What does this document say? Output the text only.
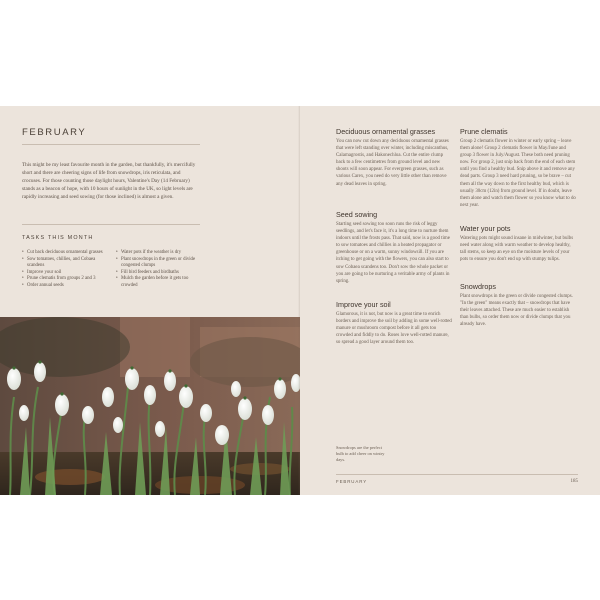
FEBRUARY
This might be my least favourite month in the garden, but thankfully, it's mercifully short and there are cheering signs of life from snowdrops, iris reticulata, and crocuses. For those counting those daylight hours, Valentine's Day (14 February) stands as a beacon of hope, with 10 hours of sunlight in the UK, so light levels are rapidly increasing and seed sowing (for those inclined) is almost a given.
TASKS THIS MONTH
• Cut back deciduous ornamental grasses
• Sow tomatoes, chillies, and Cobaea scandens
• Improve your soil
• Prune clematis from groups 2 and 3
• Order annual seeds
• Water pots if the weather is dry
• Plant snowdrops in the green or divide congested clumps
• Fill bird feeders and birdbaths
• Mulch the garden before it gets too crowded
Deciduous ornamental grasses
You can now cut down any deciduous ornamental grasses that were left standing over winter, including miscanthus, Calamagrostis, and Hakonechloa. Cut the entire clump back to a few centimetres from ground level and new shoots will soon appear. For evergreen grasses, such as various Carex, you need do very little other than remove any dead leaves in spring.
Seed sowing
Starting seed sowing too soon runs the risk of leggy seedlings, and let's face it, it's a long time to nurture them indoors until the frosts pass. That said, now is a good time to sow tomatoes and chillies in a heated propagator or greenhouse or on a warm, sunny windowsill. If you are itching to get going with the flowers, you can also start to sow Cobaea scandens too. Don't sow the whole packet or you are going to be nurturing a veritable army of plants in spring.
Improve your soil
Glamorous, it is not, but now is a great time to enrich borders and improve the soil by adding in some well-rotted manure or mushroom compost before it all gets too crowded and fiddly to do. Roses love well-rotted manure, so spread a good layer around them too.
Prune clematis
Group 2 clematis flower in winter or early spring – leave them alone! Group 2 clematis flower in May/June and group 3 flower in July/August. These both need pruning now. For group 2, just snip back from the end of each stem until you find a healthy bud. Snip above it and remove any dead parts. Group 3 need hard pruning, so be brave – cut them all the way down to the first healthy bud, which is usually 30cm (12in) from ground level. If in doubt, leave them alone and watch them flower so you know what to do next year.
Water your pots
Watering pots might sound insane in midwinter, but bulbs need water along with warm weather to develop healthy, tall stems, so keep an eye on the moisture levels of your pots to ensure you don't end up with stumpy tulips.
Snowdrops
Plant snowdrops in the green or divide congested clumps. "In the green" means exactly that – snowdrops that have their leaves attached. These are much easier to establish than bulbs, so order them now or divide clumps that you already have.
Snowdrops are the perfect bulb to add cheer on wintry days.
FEBRUARY	185
